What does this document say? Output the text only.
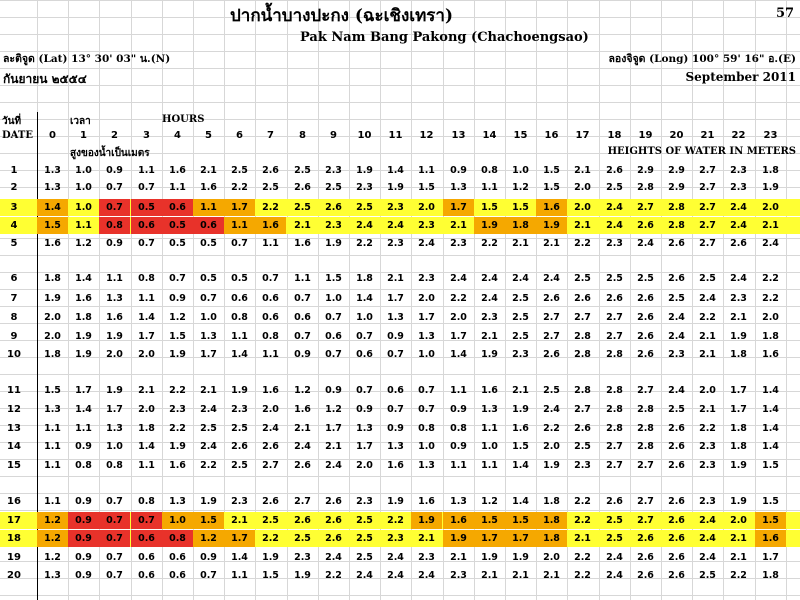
ปากน้ำบางปะกง (ฉะเชิงเทรา)	57
Pak Nam Bang Pakong (Chachoengsao)
ละติจูด (Lat) 13° 30' 03" น.(N)	ลองจิจูด (Long) 100° 59' 16" อ.(E)
กันยายน ๒๕๕๔	September 2011
วันที่	เวลา	HOURS
DATE
สูงของน้ำเป็นเมตร	HEIGHTS OF WATER IN METERS
0	1	2	3	4	5	6	7	8	9	10	11	12	13	14	15	16	17	18	19	20	21	22	23
1	1.3	1.0	0.9	1.1	1.6	2.1	2.5	2.6	2.5	2.3	1.9	1.4	1.1	0.9	0.8	1.0	1.5	2.1	2.6	2.9	2.9	2.7	2.3	1.8
2	1.3	1.0	0.7	0.7	1.1	1.6	2.2	2.5	2.6	2.5	2.3	1.9	1.5	1.3	1.1	1.2	1.5	2.0	2.5	2.8	2.9	2.7	2.3	1.9
3	1.4	1.0	0.7	0.5	0.6	1.1	1.7	2.2	2.5	2.6	2.5	2.3	2.0	1.7	1.5	1.5	1.6	2.0	2.4	2.7	2.8	2.7	2.4	2.0
4	1.5	1.1	0.8	0.6	0.5	0.6	1.1	1.6	2.1	2.3	2.4	2.4	2.3	2.1	1.9	1.8	1.9	2.1	2.4	2.6	2.8	2.7	2.4	2.1
5	1.6	1.2	0.9	0.7	0.5	0.5	0.7	1.1	1.6	1.9	2.2	2.3	2.4	2.3	2.2	2.1	2.1	2.2	2.3	2.4	2.6	2.7	2.6	2.4
6	1.8	1.4	1.1	0.8	0.7	0.5	0.5	0.7	1.1	1.5	1.8	2.1	2.3	2.4	2.4	2.4	2.4	2.5	2.5	2.5	2.6	2.5	2.4	2.2
7	1.9	1.6	1.3	1.1	0.9	0.7	0.6	0.6	0.7	1.0	1.4	1.7	2.0	2.2	2.4	2.5	2.6	2.6	2.6	2.6	2.5	2.4	2.3	2.2
8	2.0	1.8	1.6	1.4	1.2	1.0	0.8	0.6	0.6	0.7	1.0	1.3	1.7	2.0	2.3	2.5	2.7	2.7	2.7	2.6	2.4	2.2	2.1	2.0
9	2.0	1.9	1.9	1.7	1.5	1.3	1.1	0.8	0.7	0.6	0.7	0.9	1.3	1.7	2.1	2.5	2.7	2.8	2.7	2.6	2.4	2.1	1.9	1.8
10	1.8	1.9	2.0	2.0	1.9	1.7	1.4	1.1	0.9	0.7	0.6	0.7	1.0	1.4	1.9	2.3	2.6	2.8	2.8	2.6	2.3	2.1	1.8	1.6
11	1.5	1.7	1.9	2.1	2.2	2.1	1.9	1.6	1.2	0.9	0.7	0.6	0.7	1.1	1.6	2.1	2.5	2.8	2.8	2.7	2.4	2.0	1.7	1.4
12	1.3	1.4	1.7	2.0	2.3	2.4	2.3	2.0	1.6	1.2	0.9	0.7	0.7	0.9	1.3	1.9	2.4	2.7	2.8	2.8	2.5	2.1	1.7	1.4
13	1.1	1.1	1.3	1.8	2.2	2.5	2.5	2.4	2.1	1.7	1.3	0.9	0.8	0.8	1.1	1.6	2.2	2.6	2.8	2.8	2.6	2.2	1.8	1.4
14	1.1	0.9	1.0	1.4	1.9	2.4	2.6	2.6	2.4	2.1	1.7	1.3	1.0	0.9	1.0	1.5	2.0	2.5	2.7	2.8	2.6	2.3	1.8	1.4
15	1.1	0.8	0.8	1.1	1.6	2.2	2.5	2.7	2.6	2.4	2.0	1.6	1.3	1.1	1.1	1.4	1.9	2.3	2.7	2.7	2.6	2.3	1.9	1.5
16	1.1	0.9	0.7	0.8	1.3	1.9	2.3	2.6	2.7	2.6	2.3	1.9	1.6	1.3	1.2	1.4	1.8	2.2	2.6	2.7	2.6	2.3	1.9	1.5
17	1.2	0.9	0.7	0.7	1.0	1.5	2.1	2.5	2.6	2.6	2.5	2.2	1.9	1.6	1.5	1.5	1.8	2.2	2.5	2.7	2.6	2.4	2.0	1.5
18	1.2	0.9	0.7	0.6	0.8	1.2	1.7	2.2	2.5	2.6	2.5	2.3	2.1	1.9	1.7	1.7	1.8	2.1	2.5	2.6	2.6	2.4	2.1	1.6
19	1.2	0.9	0.7	0.6	0.6	0.9	1.4	1.9	2.3	2.4	2.5	2.4	2.3	2.1	1.9	1.9	2.0	2.2	2.4	2.6	2.6	2.4	2.1	1.7
20	1.3	0.9	0.7	0.6	0.6	0.7	1.1	1.5	1.9	2.2	2.4	2.4	2.4	2.3	2.1	2.1	2.1	2.2	2.4	2.6	2.6	2.5	2.2	1.8
